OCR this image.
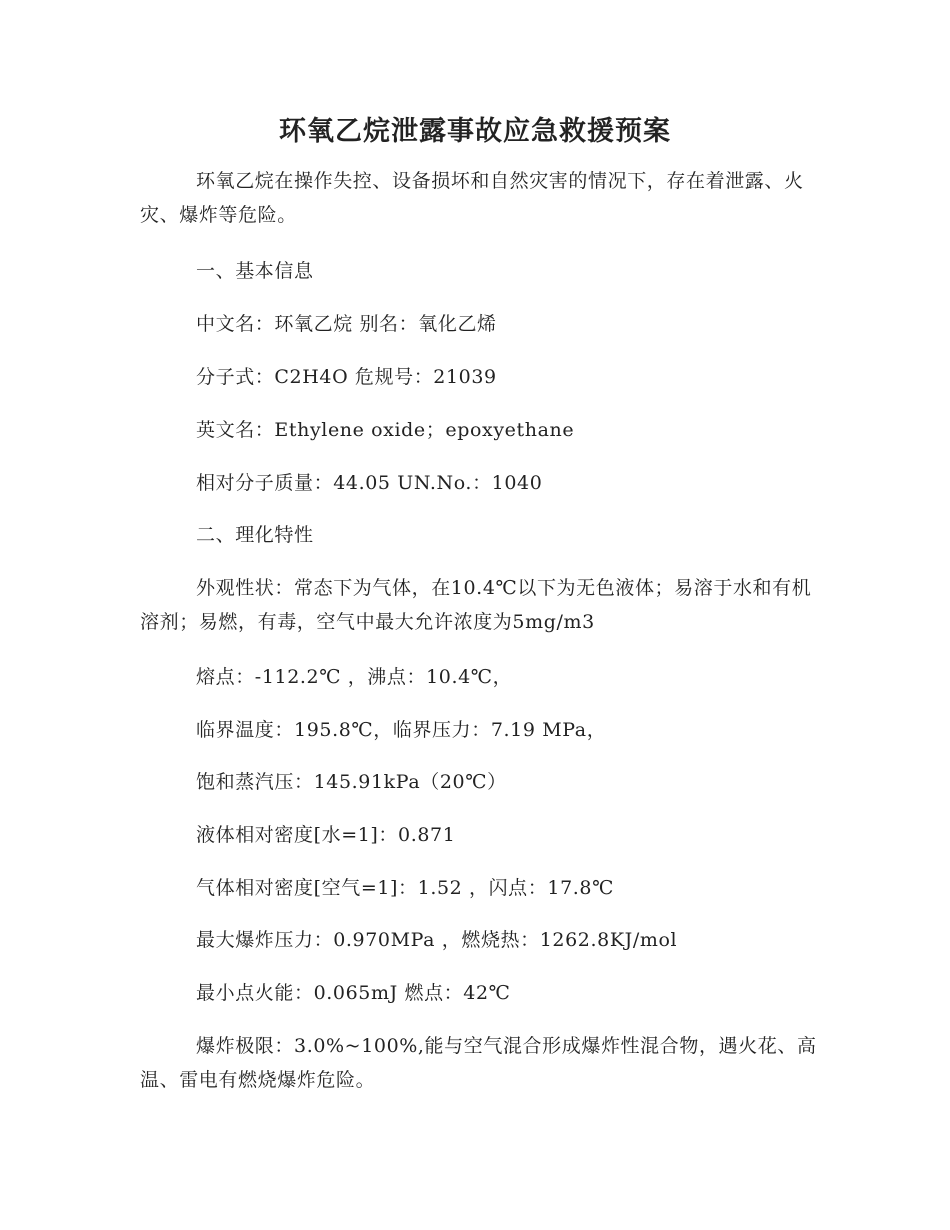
环氧乙烷泄露事故应急救援预案

环氧乙烷在操作失控、设备损坏和自然灾害的情况下，存在着泄露、火灾、爆炸等危险。

一、基本信息

中文名：环氧乙烷 别名：氧化乙烯

分子式：C2H4O 危规号：21039

英文名：Ethylene oxide；epoxyethane

相对分子质量：44.05 UN.No.：1040

二、理化特性

外观性状：常态下为气体，在10.4℃以下为无色液体；易溶于水和有机溶剂；易燃，有毒，空气中最大允许浓度为5mg/m3

熔点：-112.2℃ ，沸点：10.4℃，

临界温度：195.8℃，临界压力：7.19 MPa，

饱和蒸汽压：145.91kPa（20℃）

液体相对密度[水=1]：0.871

气体相对密度[空气=1]：1.52 ，闪点：17.8℃

最大爆炸压力：0.970MPa ，燃烧热：1262.8KJ/mol

最小点火能：0.065mJ 燃点：42℃

爆炸极限：3.0%~100%,能与空气混合形成爆炸性混合物，遇火花、高温、雷电有燃烧爆炸危险。
